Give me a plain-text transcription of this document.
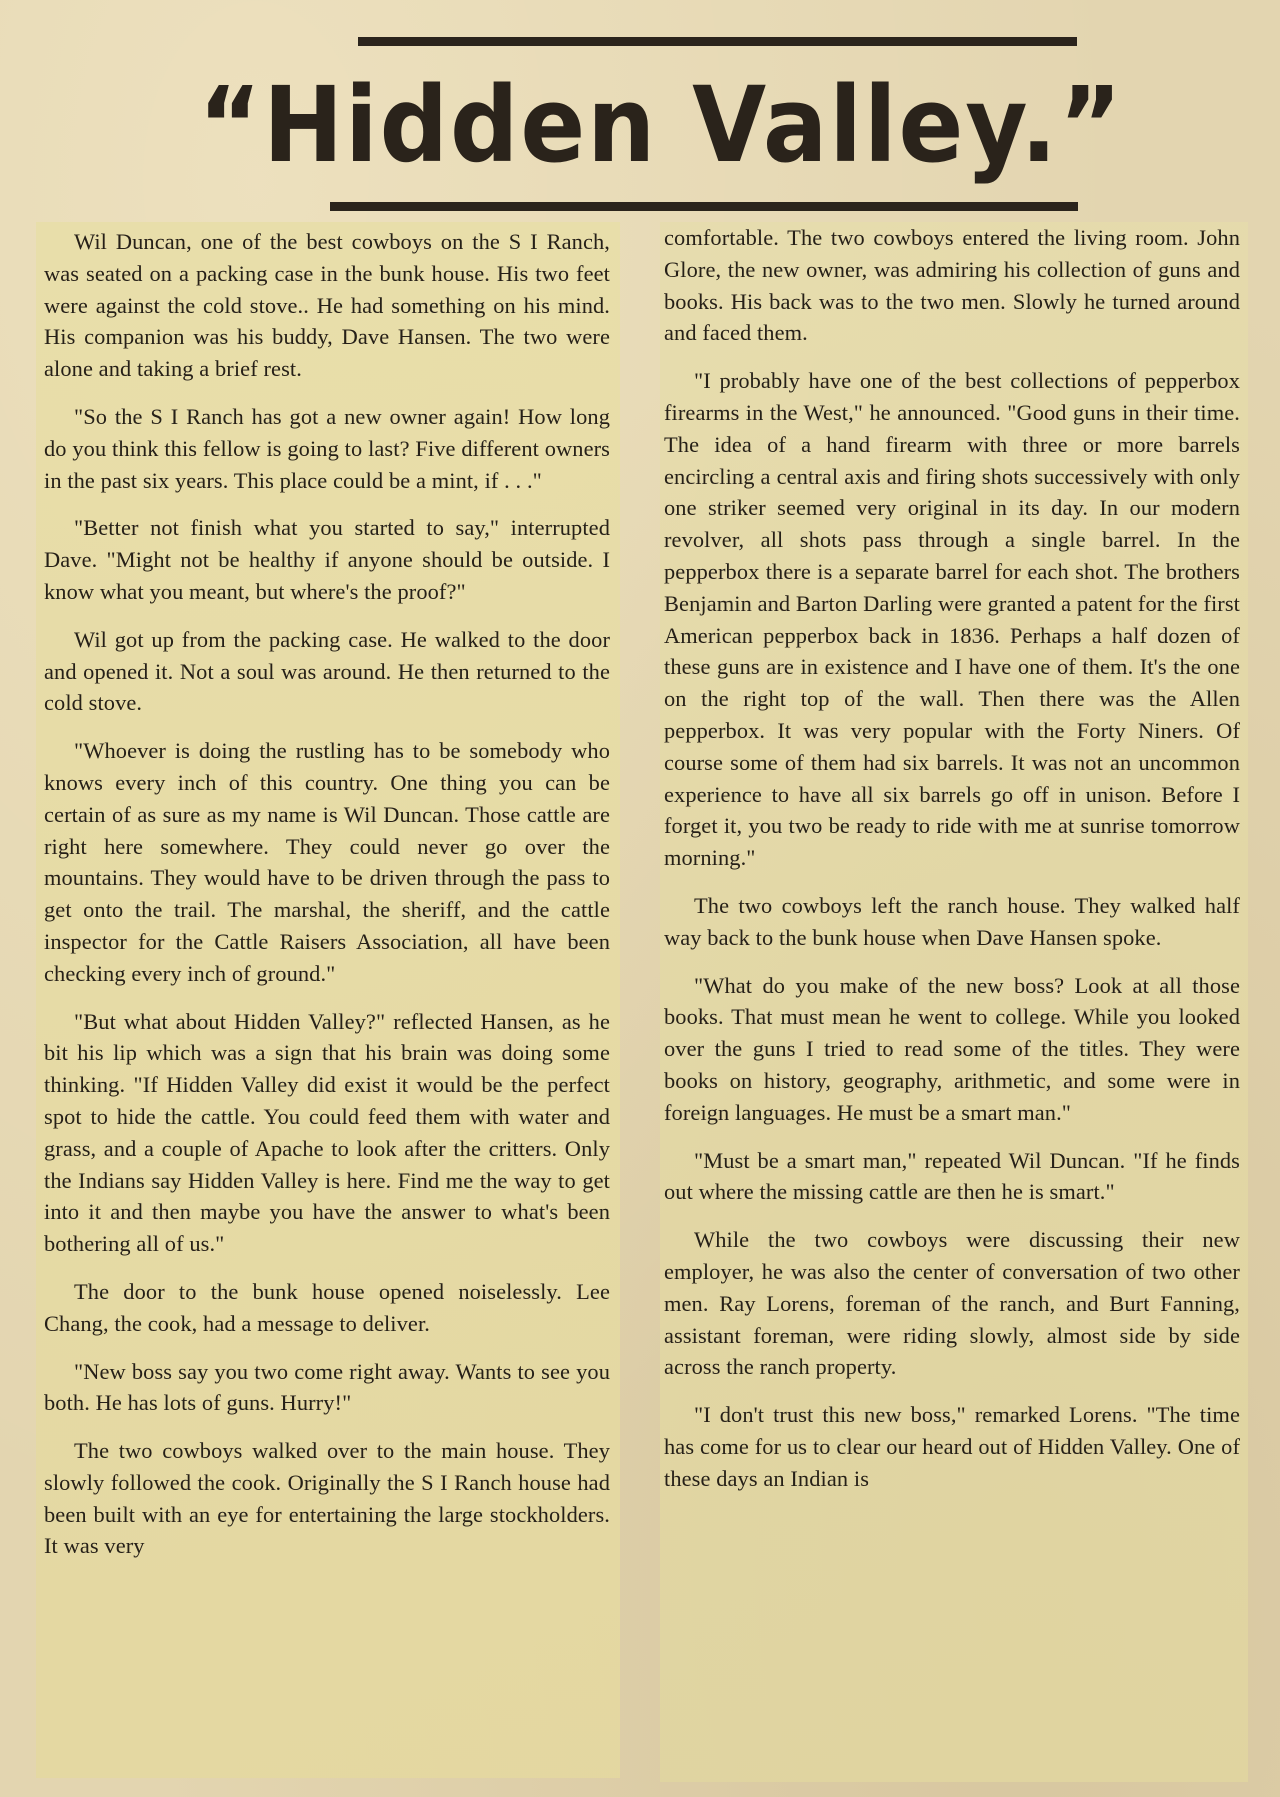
“Hidden Valley.”

Wil Duncan, one of the best cowboys on the S I Ranch, was seated on a packing case in the bunk house. His two feet were against the cold stove.. He had something on his mind. His companion was his buddy, Dave Hansen. The two were alone and taking a brief rest.

"So the S I Ranch has got a new owner again! How long do you think this fellow is going to last? Five different owners in the past six years. This place could be a mint, if . . ."

"Better not finish what you started to say," interrupted Dave. "Might not be healthy if anyone should be outside. I know what you meant, but where's the proof?"

Wil got up from the packing case. He walked to the door and opened it. Not a soul was around. He then returned to the cold stove.

"Whoever is doing the rustling has to be somebody who knows every inch of this country. One thing you can be certain of as sure as my name is Wil Duncan. Those cattle are right here somewhere. They could never go over the mountains. They would have to be driven through the pass to get onto the trail. The marshal, the sheriff, and the cattle inspector for the Cattle Raisers Association, all have been checking every inch of ground."

"But what about Hidden Valley?" reflected Hansen, as he bit his lip which was a sign that his brain was doing some thinking. "If Hidden Valley did exist it would be the perfect spot to hide the cattle. You could feed them with water and grass, and a couple of Apache to look after the critters. Only the Indians say Hidden Valley is here. Find me the way to get into it and then maybe you have the answer to what's been bothering all of us."

The door to the bunk house opened noiselessly. Lee Chang, the cook, had a message to deliver.

"New boss say you two come right away. Wants to see you both. He has lots of guns. Hurry!"

The two cowboys walked over to the main house. They slowly followed the cook. Originally the S I Ranch house had been built with an eye for entertaining the large stockholders. It was very

comfortable. The two cowboys entered the living room. John Glore, the new owner, was admiring his collection of guns and books. His back was to the two men. Slowly he turned around and faced them.

"I probably have one of the best collections of pepperbox firearms in the West," he announced. "Good guns in their time. The idea of a hand firearm with three or more barrels encircling a central axis and firing shots successively with only one striker seemed very original in its day. In our modern revolver, all shots pass through a single barrel. In the pepperbox there is a separate barrel for each shot. The brothers Benjamin and Barton Darling were granted a patent for the first American pepperbox back in 1836. Perhaps a half dozen of these guns are in existence and I have one of them. It's the one on the right top of the wall. Then there was the Allen pepperbox. It was very popular with the Forty Niners. Of course some of them had six barrels. It was not an uncommon experience to have all six barrels go off in unison. Before I forget it, you two be ready to ride with me at sunrise tomorrow morning."

The two cowboys left the ranch house. They walked half way back to the bunk house when Dave Hansen spoke.

"What do you make of the new boss? Look at all those books. That must mean he went to college. While you looked over the guns I tried to read some of the titles. They were books on history, geography, arithmetic, and some were in foreign languages. He must be a smart man."

"Must be a smart man," repeated Wil Duncan. "If he finds out where the missing cattle are then he is smart."

While the two cowboys were discussing their new employer, he was also the center of conversation of two other men. Ray Lorens, foreman of the ranch, and Burt Fanning, assistant foreman, were riding slowly, almost side by side across the ranch property.

"I don't trust this new boss," remarked Lorens. "The time has come for us to clear our heard out of Hidden Valley. One of these days an Indian is
